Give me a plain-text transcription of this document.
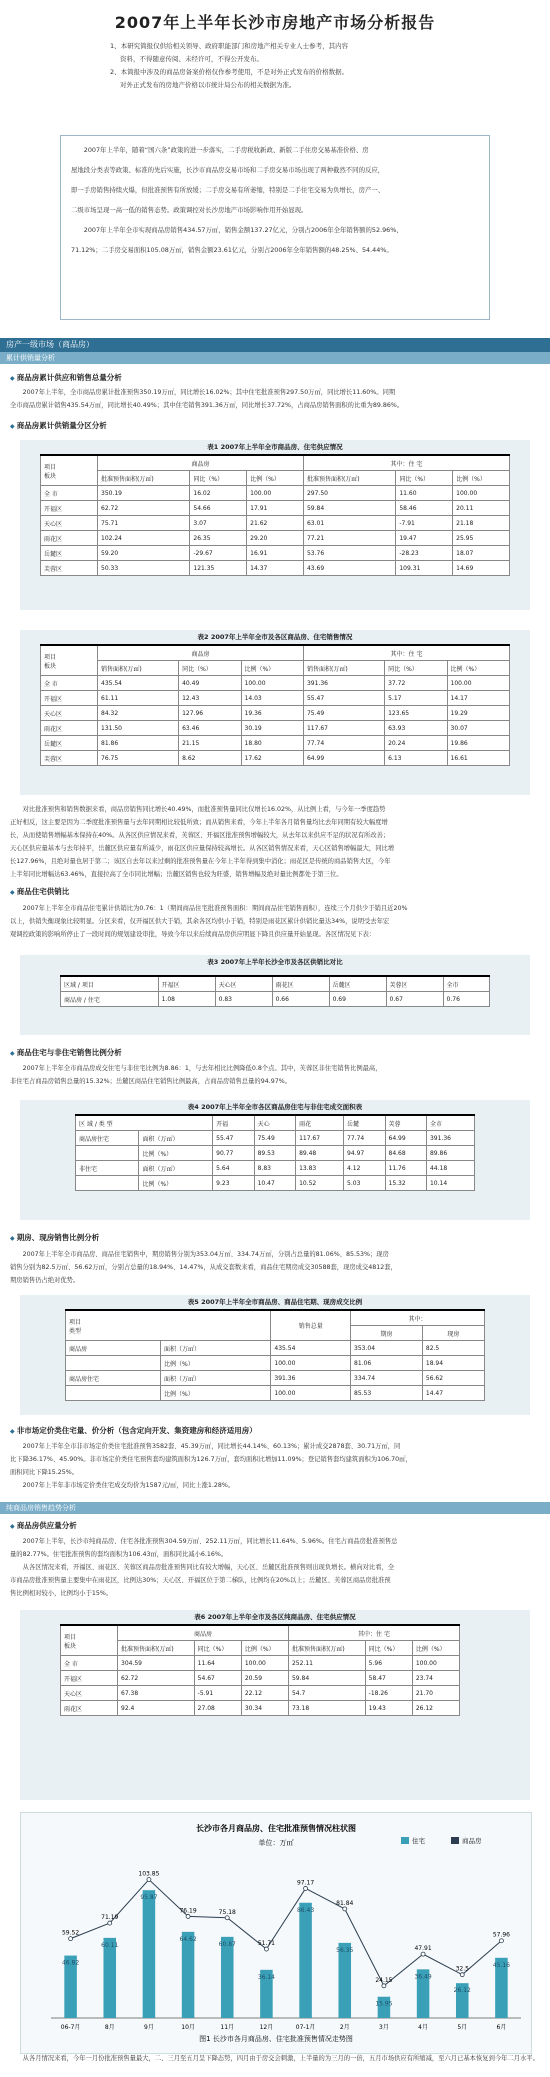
2007年上半年长沙市房地产市场分析报告
1、本研究简报仅供给相关领导、政府职能部门和房地产相关专业人士参考，其内容
资料，不得随意传阅、未经许可，不得公开发布。
2、本简报中涉及的商品房备案价格仅作参考使用，不是对外正式发布的价格数据。
对外正式发布的房地产价格以市统计局公布的相关数据为准。

2007年上半年，随着“国六条”政策的进一步落实，二手房税收新政、新版二手住房交易基准价格、房

屋地段分类表等政策、标准的先后实施，长沙市商品房交易市场和二手房交易市场出现了两种截然不同的反应，

即一手房销售持续火爆，但批准预售有所放缓；二手房交易有所萎缩，特别是二手住宅交易为负增长，房产一、

二级市场呈现一高一低的销售态势。政策调控对长沙房地产市场影响作用开始显现。

2007年上半年全市实现商品房销售434.57万㎡，销售金额137.27亿元，分别占2006年全年销售额的52.96%、

71.12%；二手房交易面积105.08万㎡，销售金额23.61亿元，分别占2006年全年销售额的48.25%、54.44%。

房产一级市场（商品房）
累计供销量分析
◆ 商品房累计供应和销售总量分析
2007年上半年，全市商品房累计批准预售350.19万㎡，同比增长16.02%；其中住宅批准预售297.50万㎡，同比增长11.60%。同期
全市商品房累计销售435.54万㎡，同比增长40.49%；其中住宅销售391.36万㎡，同比增长37.72%，占商品房销售面积的比重为89.86%。
◆ 商品房累计供销量分区分析
表1 2007年上半年全市商品房、住宅供应情况
项目
板块	商品房			其中：住 宅		
	批准预售面积(万㎡)	同比（%）	比例（%）	批准预售面积(万㎡)	同比（%）	比例（%）
全 市	350.19	16.02	100.00	297.50	11.60	100.00
开福区	62.72	54.66	17.91	59.84	58.46	20.11
天心区	75.71	3.07	21.62	63.01	-7.91	21.18
雨花区	102.24	26.35	29.20	77.21	19.47	25.95
岳麓区	59.20	-29.67	16.91	53.76	-28.23	18.07
芙蓉区	50.33	121.35	14.37	43.69	109.31	14.69
表2 2007年上半年全市及各区商品房、住宅销售情况
项目
板块	商品房			其中：住 宅		
	销售面积(万㎡)	同比（%）	比例（%）	销售面积(万㎡)	同比（%）	比例（%）
全 市	435.54	40.49	100.00	391.36	37.72	100.00
开福区	61.11	12.43	14.03	55.47	5.17	14.17
天心区	84.32	127.96	19.36	75.49	123.65	19.29
雨花区	131.50	63.46	30.19	117.67	63.93	30.07
岳麓区	81.86	21.15	18.80	77.74	20.24	19.86
芙蓉区	76.75	8.62	17.62	64.99	6.13	16.61
对比批准预售和销售数据来看，商品房销售同比增长40.49%，而批准预售量同比仅增长16.02%，从比例上看，与今年一季度趋势
正好相反，这主要是因为二季度批准预售量与去年同期相比较低所致；而从销售来看，今年上半年各月销售量均比去年同期有较大幅度增
长，从而使销售增幅基本保持在40%。从各区供应情况来看，芙蓉区、开福区批准预售增幅较大，从去年以来供应不足的状况有所改善；
天心区供应量基本与去年持平，岳麓区供应量有所减少，雨花区供应量保持较高增长。从各区销售情况来看，天心区销售增幅最大，同比增
长127.96%，且绝对量也居于第二；该区自去年以来过剩的批准预售量在今年上半年得到集中消化；雨花区是传统的商品销售大区，今年
上半年同比增幅达63.46%，直接拉高了全市同比增幅；岳麓区销售也较为旺盛，销售增幅及绝对量比例都处于第三位。
◆ 商品住宅供销比
2007年上半年全市商品住宅累计供销比为0.76：1（期间商品住宅批准预售面积：期间商品住宅销售面积），连续三个月供少于销且近20%
以上，供销失衡现象比较明显。分区来看，仅开福区供大于销，其余各区均供小于销，特别是雨花区累计供销比量达34%，说明受去年宏
观调控政策的影响所停止了一段时间的规划建设审批，导致今年以来后续商品房供应明显下降且供应量开始显现。各区情况见下表：
表3 2007年上半年长沙全市及各区供销比对比
区域 / 项目	开福区	天心区	雨花区	岳麓区	芙蓉区	全市
商品房 / 住宅	1.08	0.83	0.66	0.69	0.67	0.76
◆ 商品住宅与非住宅销售比例分析
2007年上半年全市商品房成交住宅与非住宅比例为8.86：1，与去年相比比例降低0.8个点。其中，芙蓉区非住宅销售比例最高，
非住宅占商品房销售总量的15.32%；岳麓区商品住宅销售比例最高，占商品房销售总量的94.97%。
表4 2007年上半年全市各区商品房住宅与非住宅成交面积表
区 域 / 类 型		开福	天心	雨花	岳麓	芙蓉	全市
商品房住宅	面积（万㎡）	55.47	75.49	117.67	77.74	64.99	391.36
	比例（%）	90.77	89.53	89.48	94.97	84.68	89.86
非住宅	面积（万㎡）	5.64	8.83	13.83	4.12	11.76	44.18
	比例（%）	9.23	10.47	10.52	5.03	15.32	10.14
◆ 期房、现房销售比例分析
2007年上半年全市商品房、商品住宅销售中，期房销售分别为353.04万㎡、334.74万㎡，分别占总量的81.06%、85.53%；现房
销售分别为82.5万㎡、56.62万㎡，分别占总量的18.94%、14.47%，从成交套数来看，商品住宅期房成交30588套，现房成交4812套，
期房销售仍占绝对优势。
表5 2007年上半年全市商品房、商品住宅期、现房成交比例
项目
类型		销售总量	其中：	
			期房	现房
商品房	面积（万㎡）	435.54	353.04	82.5
	比例（%）	100.00	81.06	18.94
商品房住宅	面积（万㎡）	391.36	334.74	56.62
	比例（%）	100.00	85.53	14.47
◆ 非市场定价类住宅量、价分析（包含定向开发、集资建房和经济适用房）
2007年上半年全市非市场定价类住宅批准预售3582套、45.39万㎡，同比增长44.14%、60.13%；累计成交2878套、30.71万㎡，同
比下降36.17%、45.90%。非市场定价类住宅预售套均建筑面积为126.7万㎡，套均面积比增加11.09%；登记销售套均建筑面积为106.70㎡，
面积同比下降15.25%。
2007年上半年非市场定价类住宅成交均价为1587元/㎡，同比上涨1.28%。
纯商品房销售趋势分析
◆ 商品房供应量分析
2007年上半年，长沙市纯商品房、住宅各批准预售304.59万㎡、252.11万㎡，同比增长11.64%、5.96%。住宅占商品房批准预售总
量的82.77%。住宅批准预售的套均面积为106.43㎡，面积同比减小6.16%。
从各区情况来看，开福区、雨花区、芙蓉区商品房批准预售同比有较大增幅，天心区、岳麓区批准预售则出现负增长。横向对比看，全
市商品房批准预售量主要集中在雨花区，比例达30%；天心区、开福区位于第二梯队，比例均在20%以上；岳麓区、芙蓉区商品房批准预
售比例相对较小，比例均小于15%。
表6 2007年上半年全市及各区纯商品房、住宅供应情况
项目
板块	商品房			其中：住 宅		
	批准预售面积(万㎡)	同比（%）	比例（%）	批准预售面积(万㎡)	同比（%）	比例（%）
全 市	304.59	11.64	100.00	252.11	5.96	100.00
开福区	62.72	54.67	20.59	59.84	58.47	23.74
天心区	67.38	-5.91	22.12	54.7	-18.26	21.70
雨花区	92.4	27.08	30.34	73.18	19.43	26.12
长沙市各月商品房、住宅批准预售情况柱状图
单位：万㎡	住宅	商品房
46.82
06-7月
60.11
8月
95.87
9月
64.62
10月
60.87
11月
36.14
12月
86.43
07-1月
56.35
2月
15.95
3月
36.49
4月
26.12
5月
45.16
6月
59.52
71.19
103.85
76.19	75.18
51.71
97.17
81.84
24.15
47.91
32.5
57.96
图1 长沙市各月商品房、住宅批准预售情况走势图
从各月情况来看，今年一月份批准预售量最大，二、三月至五月呈下降态势，四月由于房交会刺激，上半量的为三月的一倍，五月市场供应有所缩减，至六月已基本恢复到今年二月水平。
